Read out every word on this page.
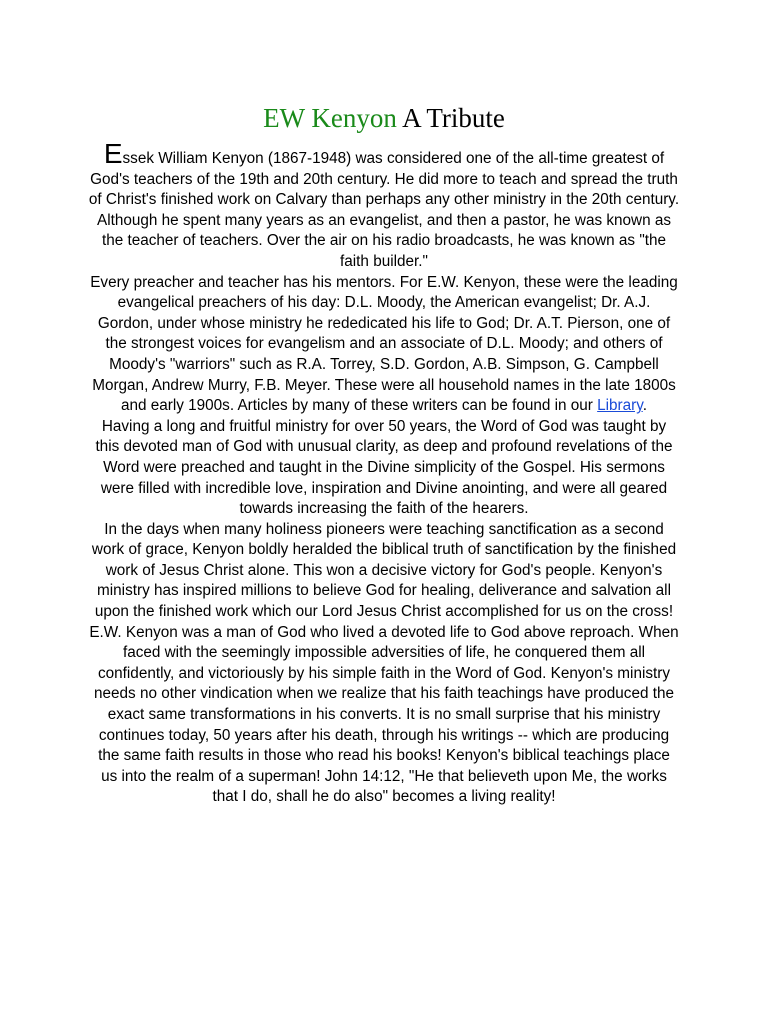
EW Kenyon A Tribute

Essek William Kenyon (1867-1948) was considered one of the all-time greatest of God's teachers of the 19th and 20th century. He did more to teach and spread the truth of Christ's finished work on Calvary than perhaps any other ministry in the 20th century. Although he spent many years as an evangelist, and then a pastor, he was known as the teacher of teachers. Over the air on his radio broadcasts, he was known as "the faith builder."

Every preacher and teacher has his mentors. For E.W. Kenyon, these were the leading evangelical preachers of his day: D.L. Moody, the American evangelist; Dr. A.J. Gordon, under whose ministry he rededicated his life to God; Dr. A.T. Pierson, one of the strongest voices for evangelism and an associate of D.L. Moody; and others of Moody's "warriors" such as R.A. Torrey, S.D. Gordon, A.B. Simpson, G. Campbell Morgan, Andrew Murry, F.B. Meyer. These were all household names in the late 1800s and early 1900s. Articles by many of these writers can be found in our Library.

Having a long and fruitful ministry for over 50 years, the Word of God was taught by this devoted man of God with unusual clarity, as deep and profound revelations of the Word were preached and taught in the Divine simplicity of the Gospel. His sermons were filled with incredible love, inspiration and Divine anointing, and were all geared towards increasing the faith of the hearers.

In the days when many holiness pioneers were teaching sanctification as a second work of grace, Kenyon boldly heralded the biblical truth of sanctification by the finished work of Jesus Christ alone. This won a decisive victory for God's people. Kenyon's ministry has inspired millions to believe God for healing, deliverance and salvation all upon the finished work which our Lord Jesus Christ accomplished for us on the cross!

E.W. Kenyon was a man of God who lived a devoted life to God above reproach. When faced with the seemingly impossible adversities of life, he conquered them all confidently, and victoriously by his simple faith in the Word of God. Kenyon's ministry needs no other vindication when we realize that his faith teachings have produced the exact same transformations in his converts. It is no small surprise that his ministry continues today, 50 years after his death, through his writings -- which are producing the same faith results in those who read his books! Kenyon's biblical teachings place us into the realm of a superman! John 14:12, "He that believeth upon Me, the works that I do, shall he do also" becomes a living reality!
